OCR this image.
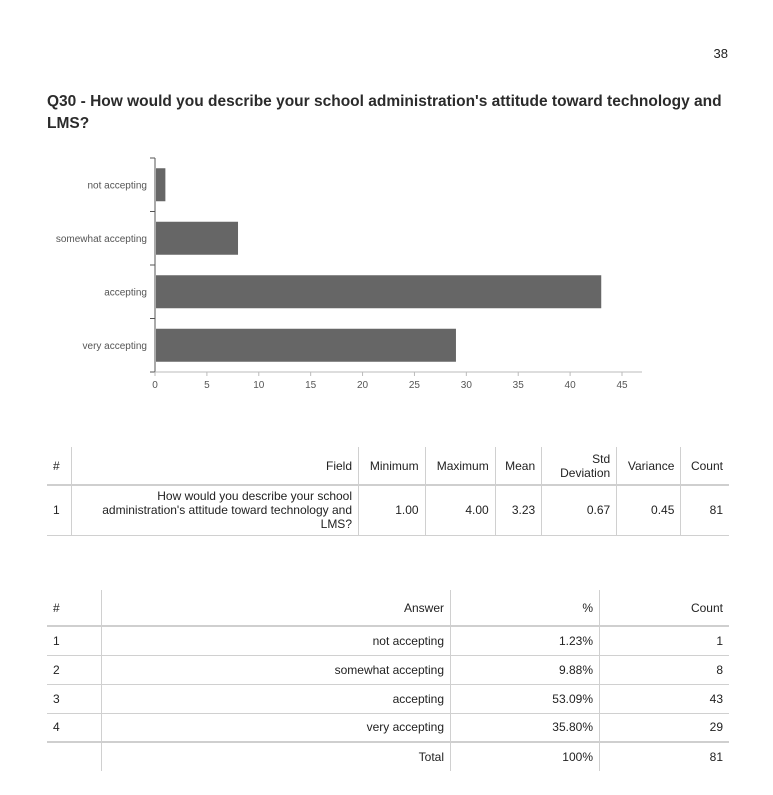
38
Q30 - How would you describe your school administration's attitude toward technology and LMS?
not accepting
somewhat accepting
accepting
very accepting
0	5	10	15	20	25	30	35	40	45
#	Field	Minimum	Maximum	Mean	Std Deviation	Variance	Count
1	How would you describe your school administration's attitude toward technology and LMS?	1.00	4.00	3.23	0.67	0.45	81
#	Answer	%	Count
1	not accepting	1.23%	1
2	somewhat accepting	9.88%	8
3	accepting	53.09%	43
4	very accepting	35.80%	29
	Total	100%	81
